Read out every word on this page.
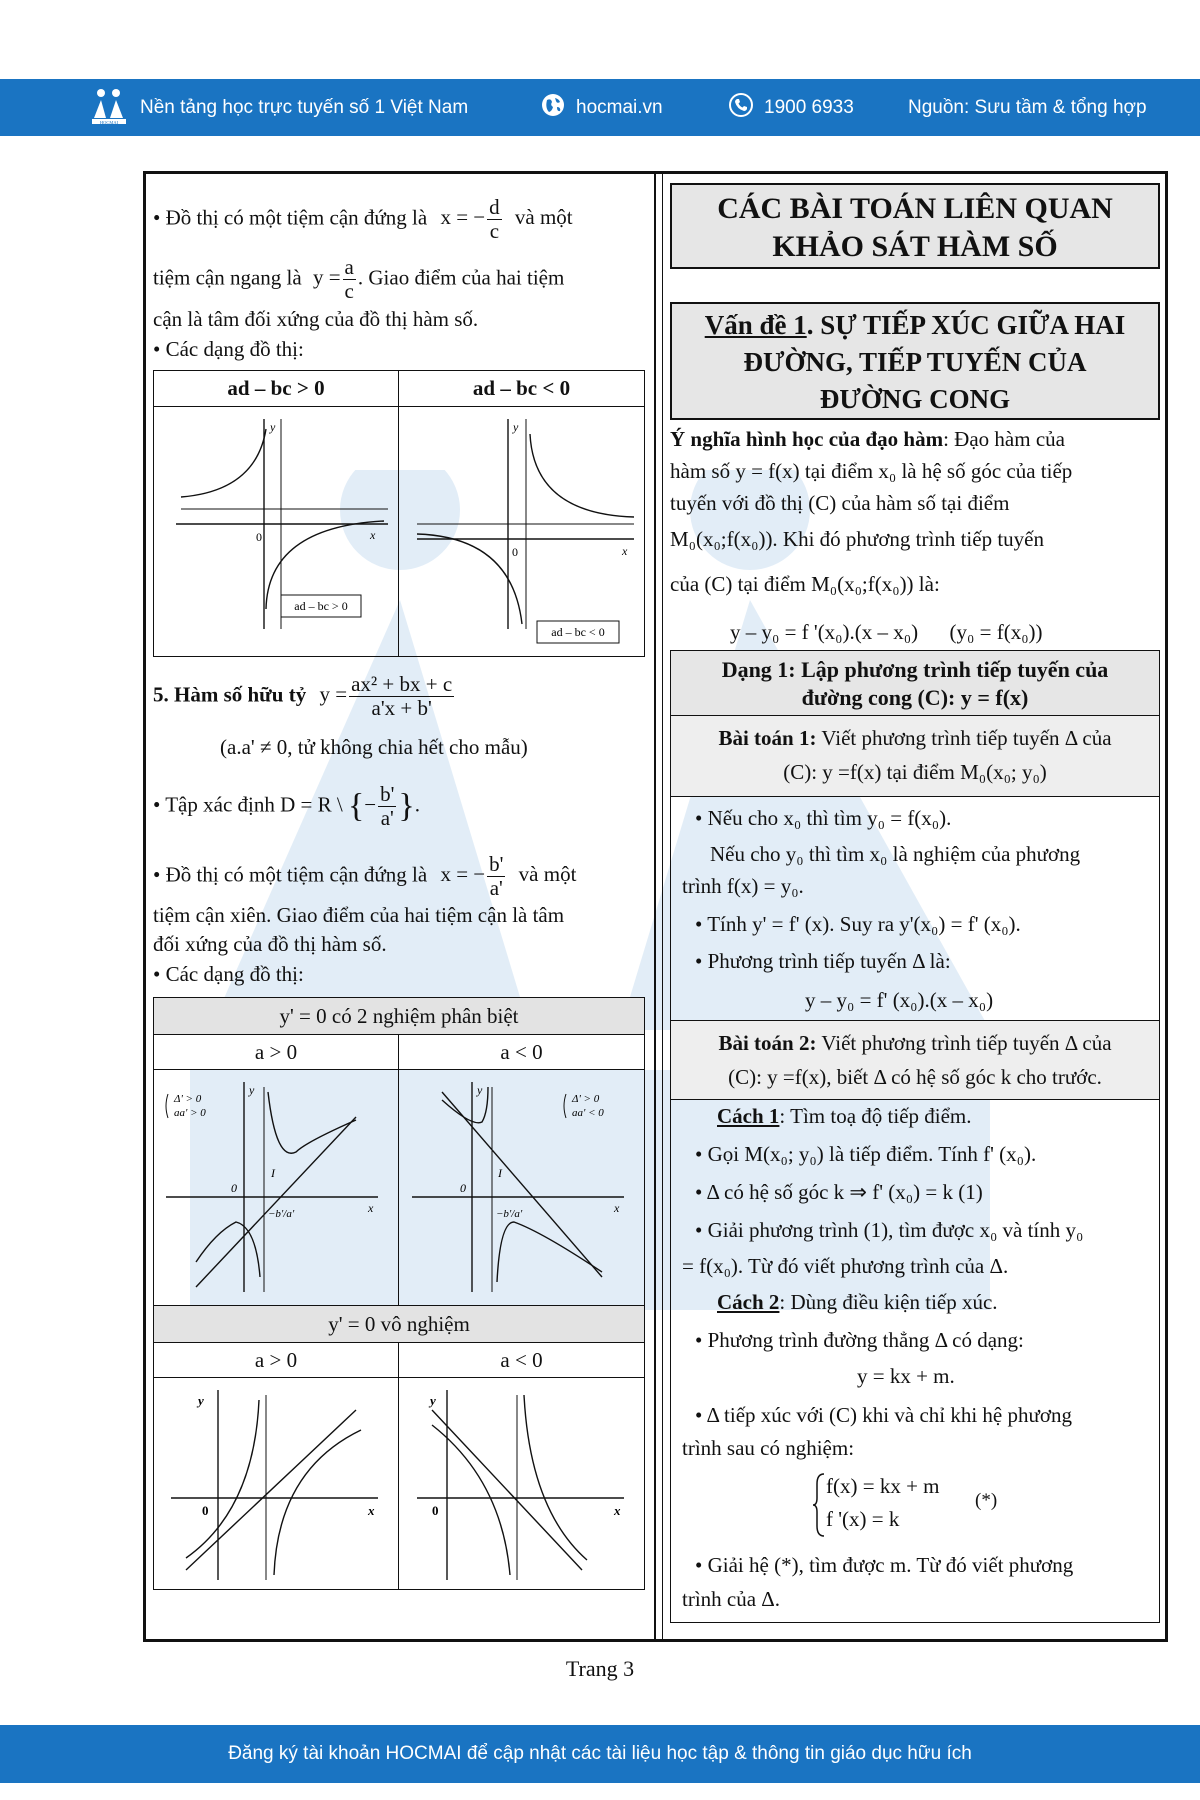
HOCMAI
Nền tảng học trực tuyến số 1 Việt Nam	hocmai.vn	1900 6933	Nguồn: Sưu tầm & tổng hợp
• Đồ thị có một tiệm cận đứng là x = − $\frac{d}{c}$ và một
tiệm cận ngang là $y = \frac{a}{c}$ . Giao điểm của hai tiệm
cận là tâm đối xứng của đồ thị hàm số.
• Các dạng đồ thị:
ad – bc > 0	ad – bc < 0
y
0	x
ad – bc > 0
y
0	x
ad – bc < 0
5. Hàm số hữu tỷ $y = \frac{\text{ax² + bx + c}}{a'x + b'}$
(a.a' ≠ 0, tử không chia hết cho mẫu)
• Tập xác định D = R \ {− $\frac{b'}{a'}$ }.
• Đồ thị có một tiệm cận đứng là x = − $\frac{b'}{a'}$ và một
tiệm cận xiên. Giao điểm của hai tiệm cận là tâm
đối xứng của đồ thị hàm số.
• Các dạng đồ thị:
y' = 0 có 2 nghiệm phân biệt
a > 0	a < 0
Δ' > 0
aa' > 0
y
0
x
I
−b'/a'
Δ' > 0
aa' < 0
y
0
x
I
−b'/a'
y' = 0 vô nghiệm
a > 0	a < 0
y
0	x
y
0	x
CÁC BÀI TOÁN LIÊN QUAN
KHẢO SÁT HÀM SỐ
Vấn đề 1. SỰ TIẾP XÚC GIỮA HAI
ĐƯỜNG, TIẾP TUYẾN CỦA
ĐƯỜNG CONG
Ý nghĩa hình học của đạo hàm: Đạo hàm của
hàm số y = f(x) tại điểm x₀ là hệ số góc của tiếp
tuyến với đồ thị (C) của hàm số tại điểm
M₀(x₀;f(x₀)). Khi đó phương trình tiếp tuyến
của (C) tại điểm M₀(x₀;f(x₀)) là:
y – y₀ = f '(x₀).(x – x₀)      (y₀ = f(x₀))
Dạng 1: Lập phương trình tiếp tuyến của
đường cong (C): y = f(x)
Bài toán 1: Viết phương trình tiếp tuyến Δ của
(C): y =f(x) tại điểm M₀(x₀; y₀)
• Nếu cho x₀ thì tìm y₀ = f(x₀).
Nếu cho y₀ thì tìm x₀ là nghiệm của phương
trình f(x) = y₀.
• Tính y' = f' (x). Suy ra y'(x₀) = f' (x₀).
• Phương trình tiếp tuyến Δ là:
y – y₀ = f' (x₀).(x – x₀)
Bài toán 2: Viết phương trình tiếp tuyến Δ của
(C): y =f(x), biết Δ có hệ số góc k cho trước.
Cách 1: Tìm toạ độ tiếp điểm.
• Gọi M(x₀; y₀) là tiếp điểm. Tính f' (x₀).
• Δ có hệ số góc k ⇒ f' (x₀) = k (1)
• Giải phương trình (1), tìm được x₀ và tính y₀
= f(x₀). Từ đó viết phương trình của Δ.
Cách 2: Dùng điều kiện tiếp xúc.
• Phương trình đường thẳng Δ có dạng:
y = kx + m.
• Δ tiếp xúc với (C) khi và chỉ khi hệ phương
trình sau có nghiệm:
f(x) = kx + m
f '(x) = k
(*)
• Giải hệ (*), tìm được m. Từ đó viết phương
trình của Δ.
Trang 3
Đăng ký tài khoản HOCMAI để cập nhật các tài liệu học tập & thông tin giáo dục hữu ích
